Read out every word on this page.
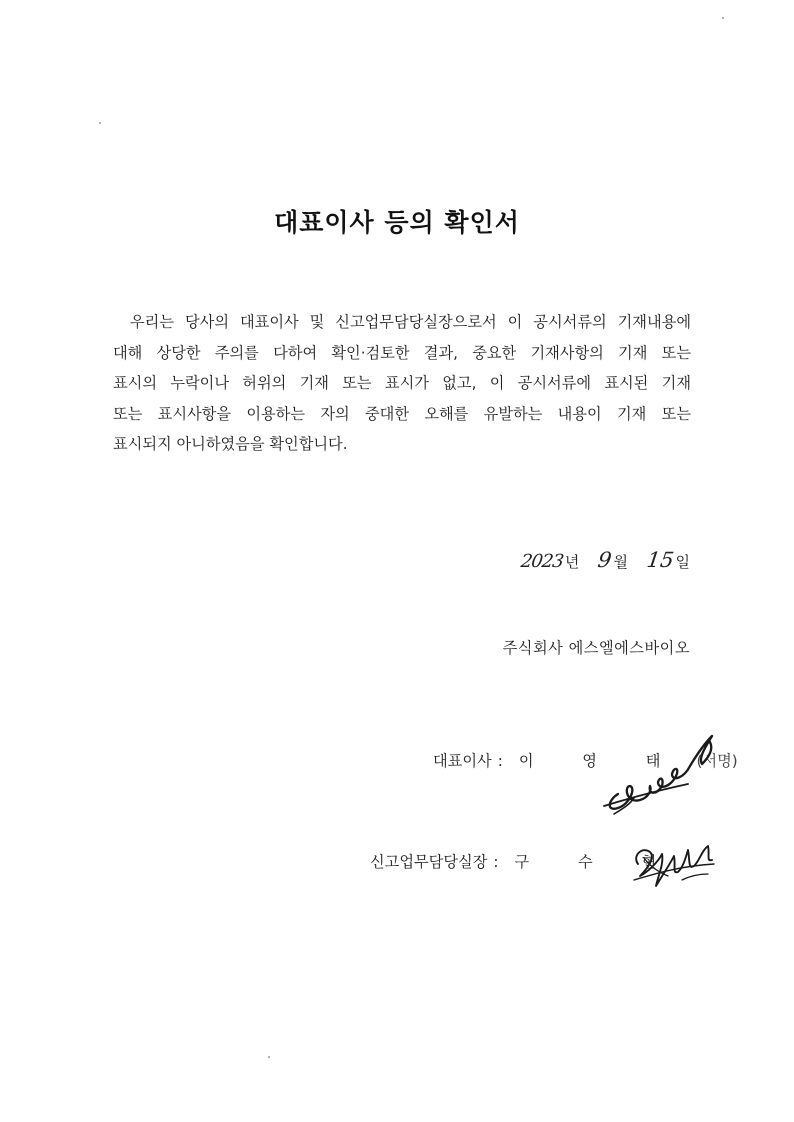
대표이사 등의 확인서
우리는 당사의 대표이사 및 신고업무담당실장으로서 이 공시서류의 기재내용에
대해 상당한 주의를 다하여 확인·검토한 결과, 중요한 기재사항의 기재 또는
표시의 누락이나 허위의 기재 또는 표시가 없고, 이 공시서류에 표시된 기재
또는 표시사항을 이용하는 자의 중대한 오해를 유발하는 내용이 기재 또는
표시되지 아니하였음을 확인합니다.
2023년 9월 15일
주식회사 에스엘에스바이오
대표이사 : 이 영 태 (서명)
신고업무담당실장 : 구 수 현
